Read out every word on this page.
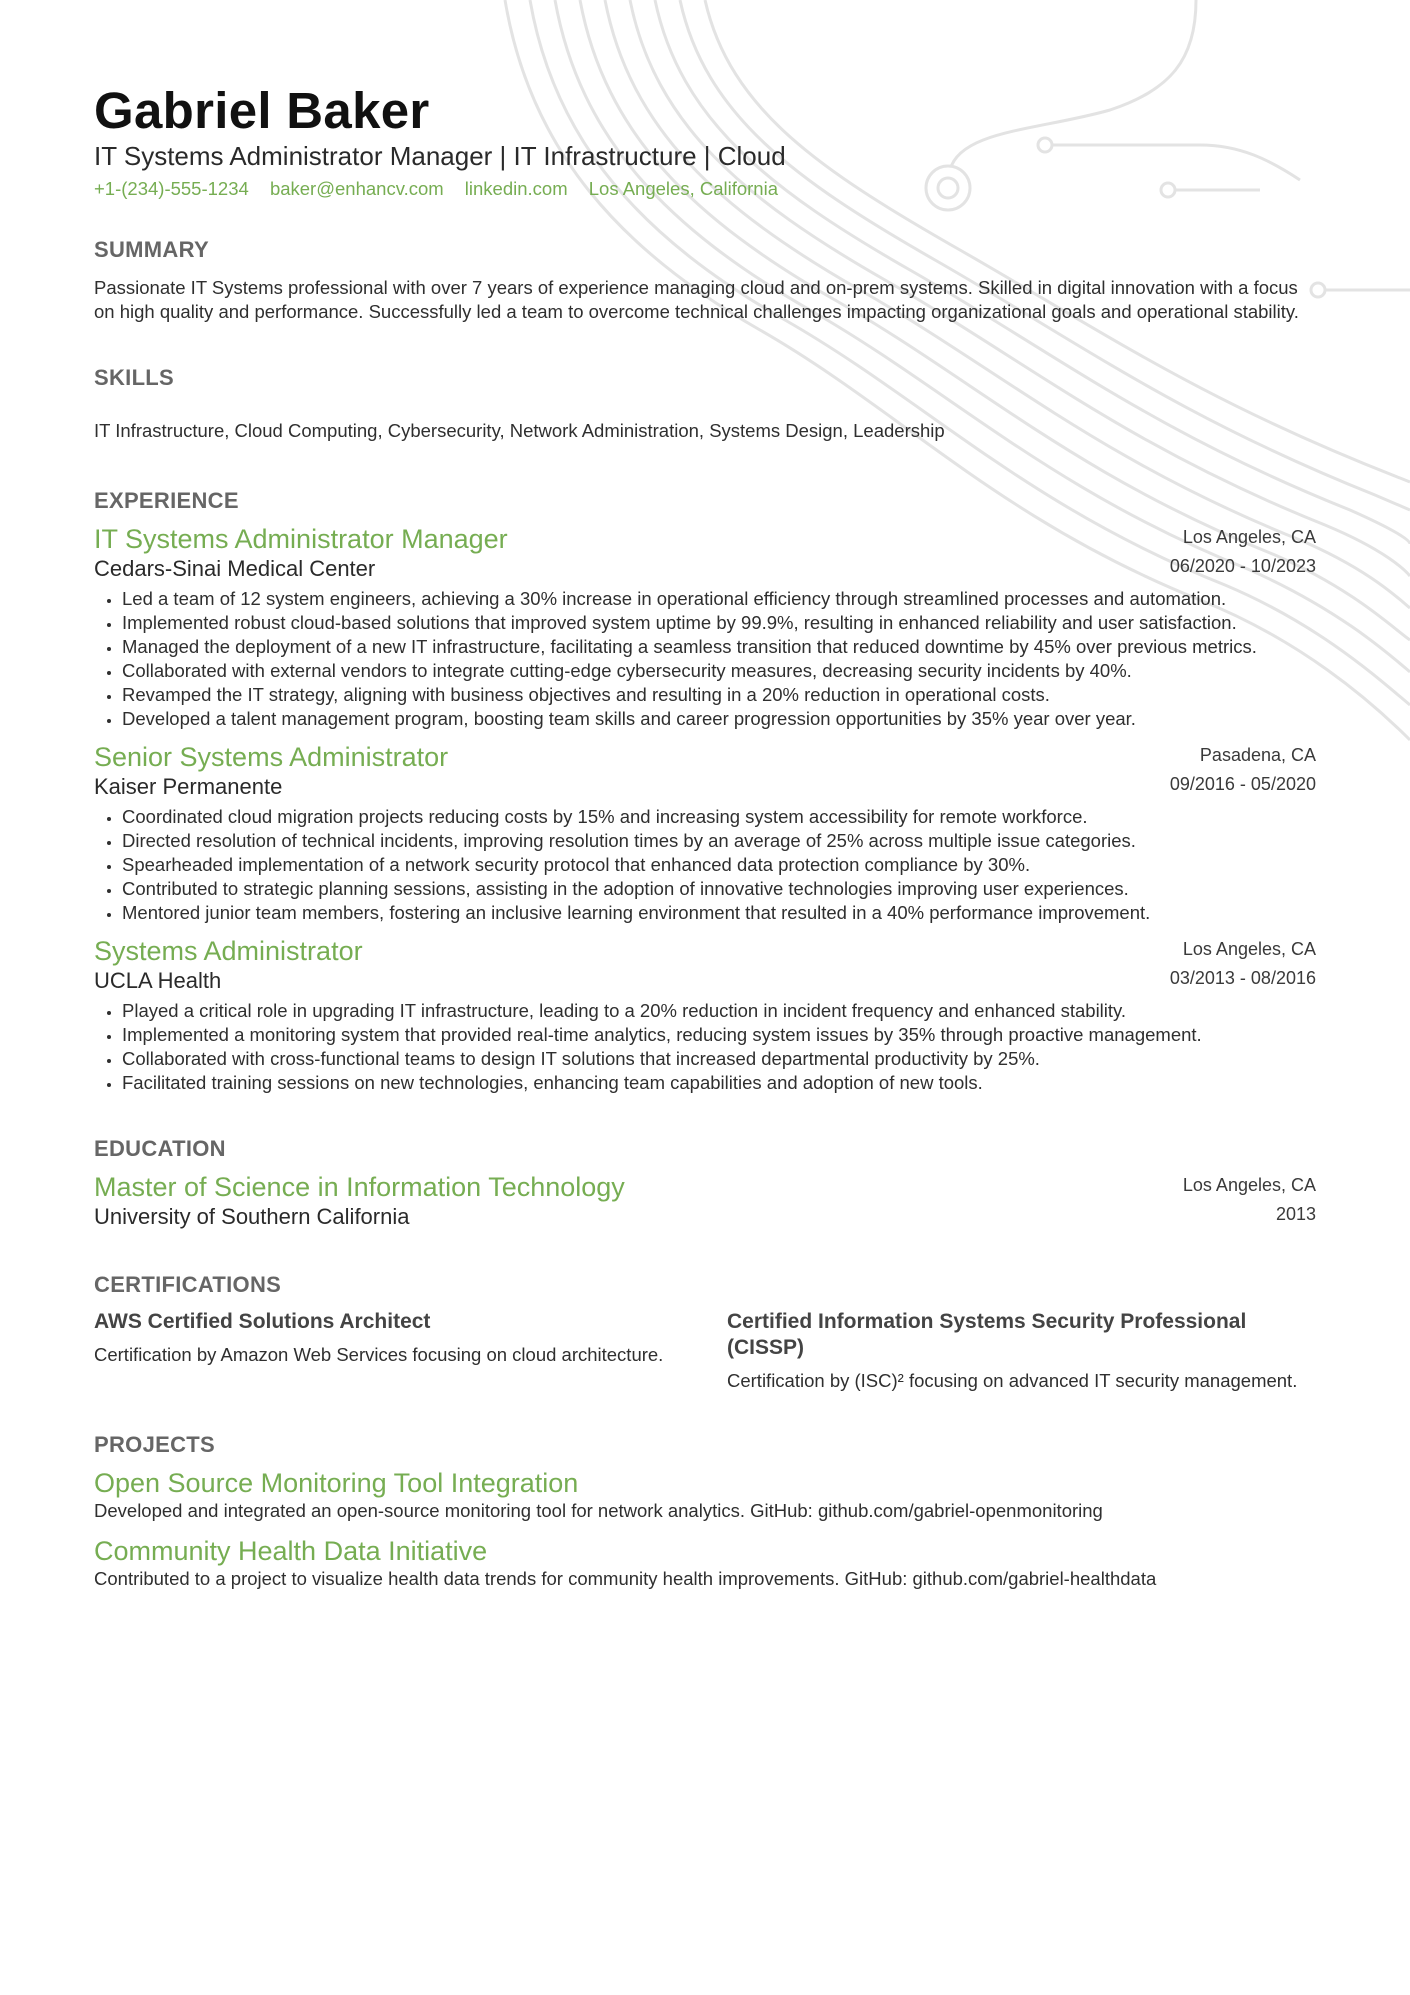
Gabriel Baker
IT Systems Administrator Manager | IT Infrastructure | Cloud
+1-(234)-555-1234 baker@enhancv.com linkedin.com Los Angeles, California
SUMMARY
Passionate IT Systems professional with over 7 years of experience managing cloud and on-prem systems. Skilled in digital innovation with a focus on high quality and performance. Successfully led a team to overcome technical challenges impacting organizational goals and operational stability.
SKILLS
IT Infrastructure, Cloud Computing, Cybersecurity, Network Administration, Systems Design, Leadership
EXPERIENCE
IT Systems Administrator Manager
Cedars-Sinai Medical Center
Los Angeles, CA
06/2020 - 10/2023
• Led a team of 12 system engineers, achieving a 30% increase in operational efficiency through streamlined processes and automation.
• Implemented robust cloud-based solutions that improved system uptime by 99.9%, resulting in enhanced reliability and user satisfaction.
• Managed the deployment of a new IT infrastructure, facilitating a seamless transition that reduced downtime by 45% over previous metrics.
• Collaborated with external vendors to integrate cutting-edge cybersecurity measures, decreasing security incidents by 40%.
• Revamped the IT strategy, aligning with business objectives and resulting in a 20% reduction in operational costs.
• Developed a talent management program, boosting team skills and career progression opportunities by 35% year over year.
Senior Systems Administrator
Kaiser Permanente
Pasadena, CA
09/2016 - 05/2020
• Coordinated cloud migration projects reducing costs by 15% and increasing system accessibility for remote workforce.
• Directed resolution of technical incidents, improving resolution times by an average of 25% across multiple issue categories.
• Spearheaded implementation of a network security protocol that enhanced data protection compliance by 30%.
• Contributed to strategic planning sessions, assisting in the adoption of innovative technologies improving user experiences.
• Mentored junior team members, fostering an inclusive learning environment that resulted in a 40% performance improvement.
Systems Administrator
UCLA Health
Los Angeles, CA
03/2013 - 08/2016
• Played a critical role in upgrading IT infrastructure, leading to a 20% reduction in incident frequency and enhanced stability.
• Implemented a monitoring system that provided real-time analytics, reducing system issues by 35% through proactive management.
• Collaborated with cross-functional teams to design IT solutions that increased departmental productivity by 25%.
• Facilitated training sessions on new technologies, enhancing team capabilities and adoption of new tools.
EDUCATION
Master of Science in Information Technology
University of Southern California
Los Angeles, CA
2013
CERTIFICATIONS
AWS Certified Solutions Architect
Certification by Amazon Web Services focusing on cloud architecture.
Certified Information Systems Security Professional (CISSP)
Certification by (ISC)² focusing on advanced IT security management.
PROJECTS
Open Source Monitoring Tool Integration
Developed and integrated an open-source monitoring tool for network analytics. GitHub: github.com/gabriel-openmonitoring
Community Health Data Initiative
Contributed to a project to visualize health data trends for community health improvements. GitHub: github.com/gabriel-healthdata
